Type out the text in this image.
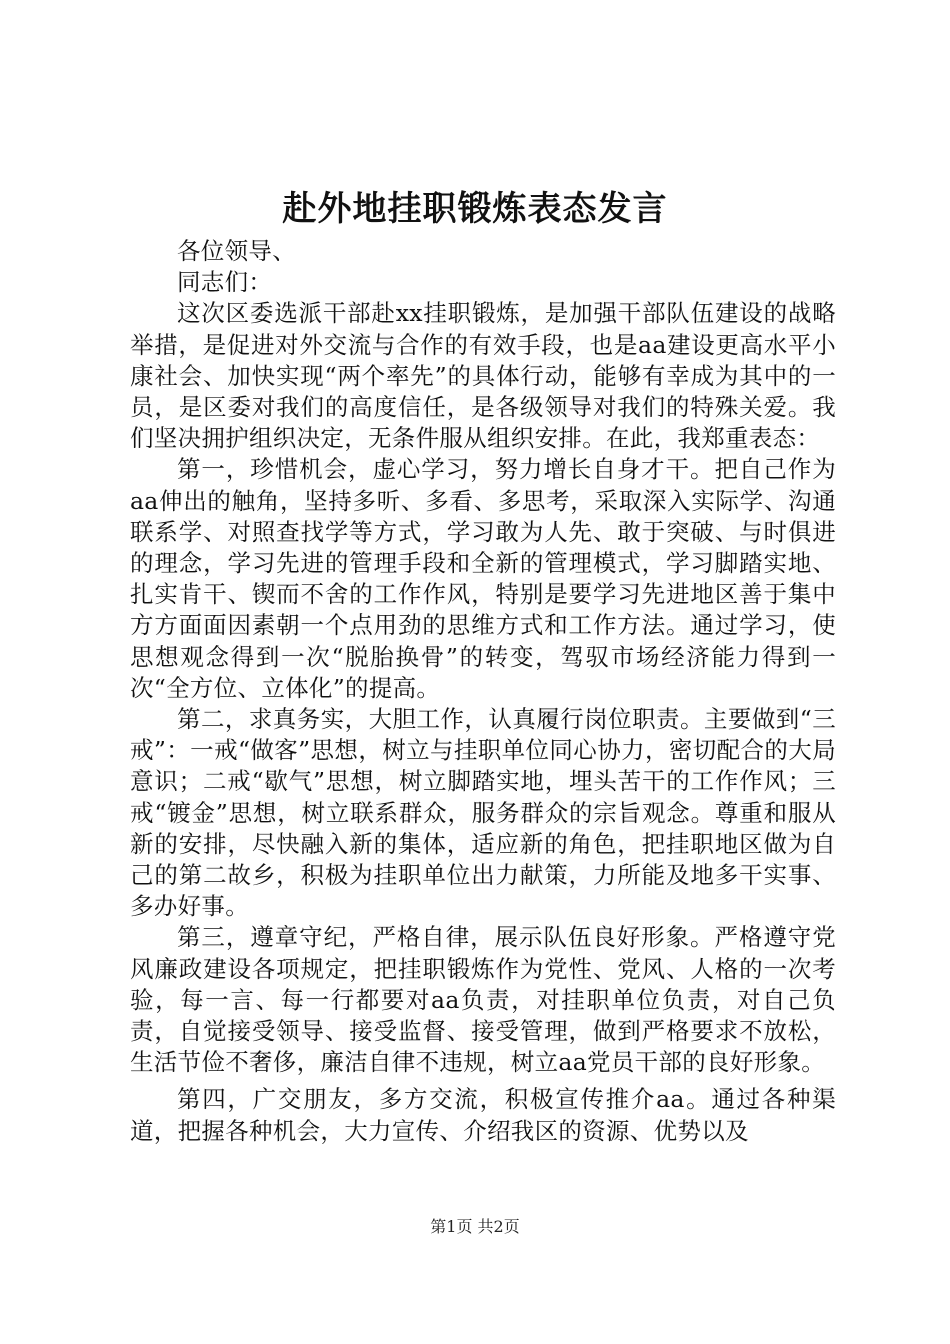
赴外地挂职锻炼表态发言

各位领导、

同志们：

这次区委选派干部赴xx挂职锻炼，是加强干部队伍建设的战略举措，是促进对外交流与合作的有效手段，也是aa建设更高水平小康社会、加快实现“两个率先”的具体行动，能够有幸成为其中的一员，是区委对我们的高度信任，是各级领导对我们的特殊关爱。我们坚决拥护组织决定，无条件服从组织安排。在此，我郑重表态：

第一，珍惜机会，虚心学习，努力增长自身才干。把自己作为aa伸出的触角，坚持多听、多看、多思考，采取深入实际学、沟通联系学、对照查找学等方式，学习敢为人先、敢于突破、与时俱进的理念，学习先进的管理手段和全新的管理模式，学习脚踏实地、扎实肯干、锲而不舍的工作作风，特别是要学习先进地区善于集中方方面面因素朝一个点用劲的思维方式和工作方法。通过学习，使思想观念得到一次“脱胎换骨”的转变，驾驭市场经济能力得到一次“全方位、立体化”的提高。

第二，求真务实，大胆工作，认真履行岗位职责。主要做到“三戒”：一戒“做客”思想，树立与挂职单位同心协力，密切配合的大局意识；二戒“歇气”思想，树立脚踏实地，埋头苦干的工作作风；三戒“镀金”思想，树立联系群众，服务群众的宗旨观念。尊重和服从新的安排，尽快融入新的集体，适应新的角色，把挂职地区做为自己的第二故乡，积极为挂职单位出力献策，力所能及地多干实事、多办好事。

第三，遵章守纪，严格自律，展示队伍良好形象。严格遵守党风廉政建设各项规定，把挂职锻炼作为党性、党风、人格的一次考验，每一言、每一行都要对aa负责，对挂职单位负责，对自己负责，自觉接受领导、接受监督、接受管理，做到严格要求不放松，生活节俭不奢侈，廉洁自律不违规，树立aa党员干部的良好形象。

第四，广交朋友，多方交流，积极宣传推介aa。通过各种渠道，把握各种机会，大力宣传、介绍我区的资源、优势以及

第1页 共2页
